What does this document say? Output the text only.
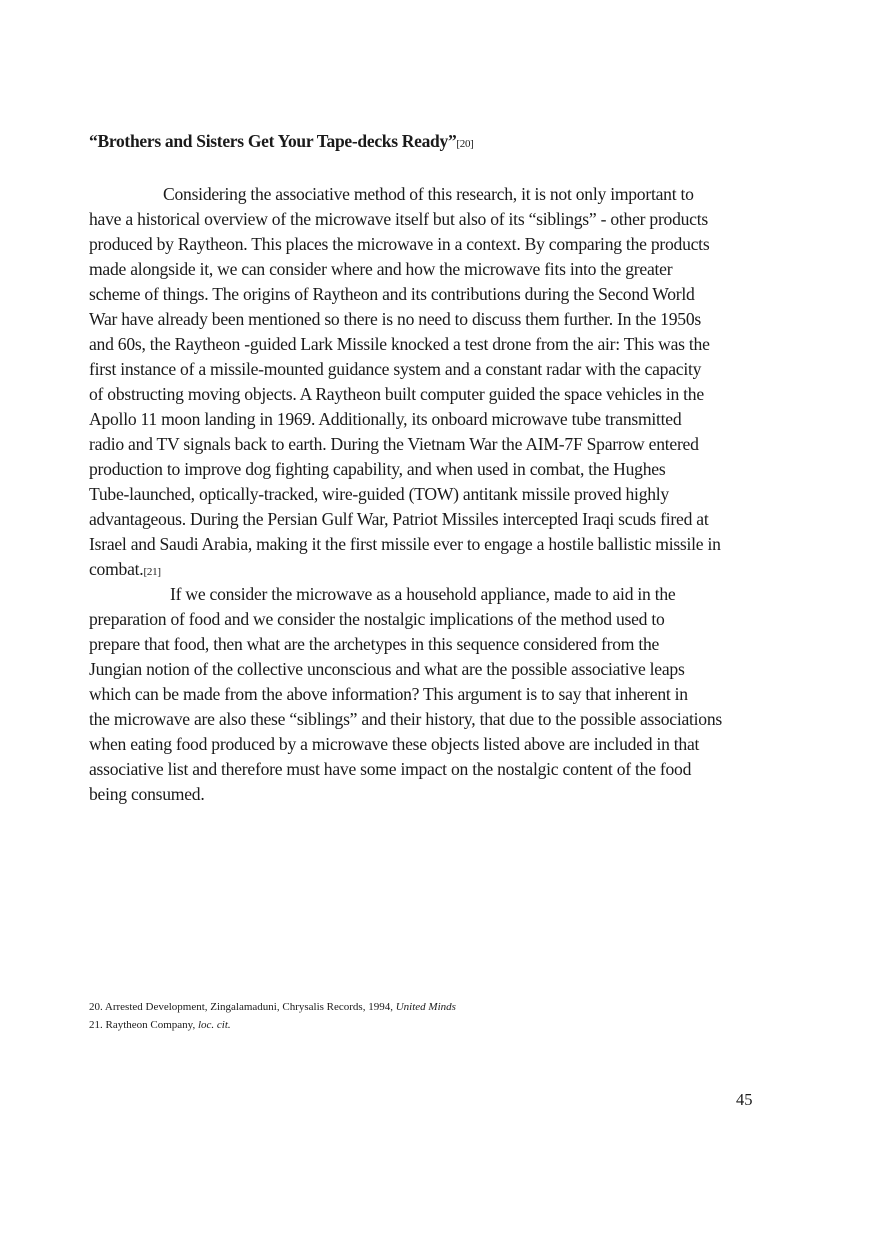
“Brothers and Sisters Get Your Tape-decks Ready”[20]
Considering the associative method of this research, it is not only important to
have a historical overview of the microwave itself but also of its “siblings” - other products
produced by Raytheon. This places the microwave in a context. By comparing the products
made alongside it, we can consider where and how the microwave fits into the greater
scheme of things. The origins of Raytheon and its contributions during the Second World
War have already been mentioned so there is no need to discuss them further. In the 1950s
and 60s, the Raytheon -guided Lark Missile knocked a test drone from the air: This was the
first instance of a missile-mounted guidance system and a constant radar with the capacity
of obstructing moving objects. A Raytheon built computer guided the space vehicles in the
Apollo 11 moon landing in 1969. Additionally, its onboard microwave tube transmitted
radio and TV signals back to earth. During the Vietnam War the AIM-7F Sparrow entered
production to improve dog fighting capability, and when used in combat, the Hughes
Tube-launched, optically-tracked, wire-guided (TOW) antitank missile proved highly
advantageous. During the Persian Gulf War, Patriot Missiles intercepted Iraqi scuds fired at
Israel and Saudi Arabia, making it the first missile ever to engage a hostile ballistic missile in
combat.[21]
If we consider the microwave as a household appliance, made to aid in the
preparation of food and we consider the nostalgic implications of the method used to
prepare that food, then what are the archetypes in this sequence considered from the
Jungian notion of the collective unconscious and what are the possible associative leaps
which can be made from the above information? This argument is to say that inherent in
the microwave are also these “siblings” and their history, that due to the possible associations
when eating food produced by a microwave these objects listed above are included in that
associative list and therefore must have some impact on the nostalgic content of the food
being consumed.
20. Arrested Development, Zingalamaduni, Chrysalis Records, 1994, United Minds
21. Raytheon Company, loc. cit.
45
